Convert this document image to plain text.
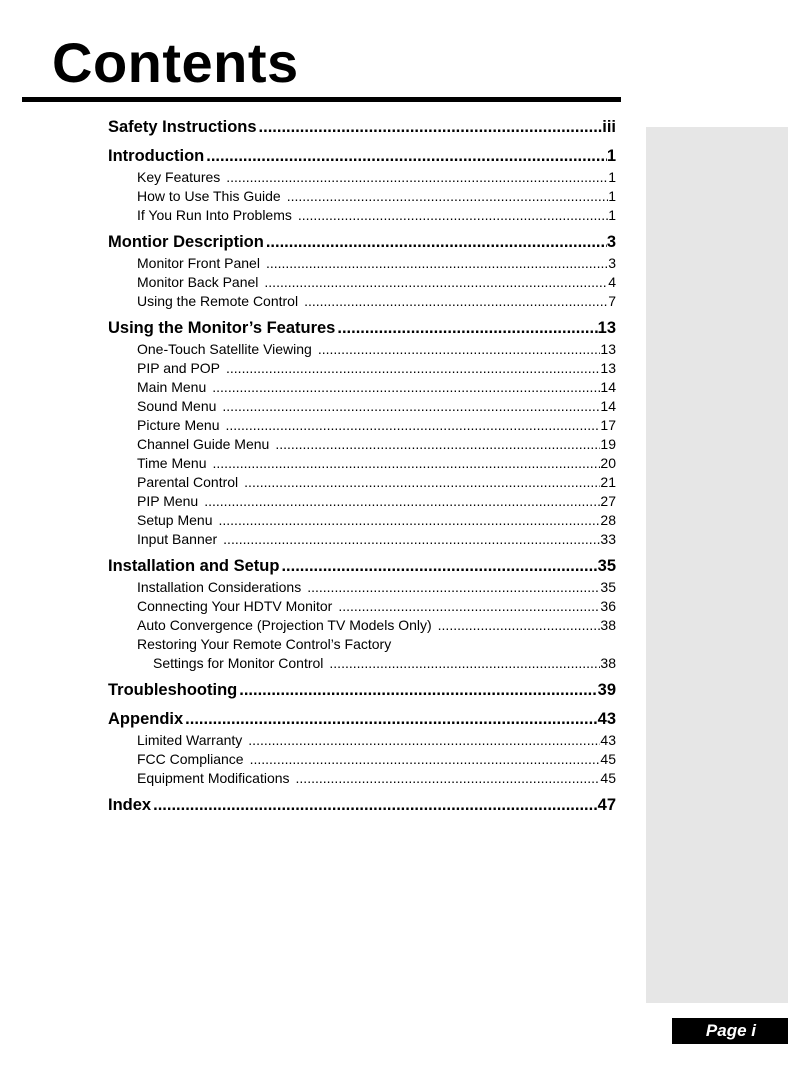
Contents
Page i
Safety Instructions .....	iii
Introduction .....	1
Key Features .....	1
How to Use This Guide .....	1
If You Run Into Problems .....	1
Montior Description .....	3
Monitor Front Panel .....	3
Monitor Back Panel .....	4
Using the Remote Control .....	7
Using the Monitor’s Features .....	13
One-Touch Satellite Viewing .....	13
PIP and POP .....	13
Main Menu .....	14
Sound Menu .....	14
Picture Menu .....	17
Channel Guide Menu .....	19
Time Menu .....	20
Parental Control .....	21
PIP Menu .....	27
Setup Menu .....	28
Input Banner .....	33
Installation and Setup .....	35
Installation Considerations .....	35
Connecting Your HDTV Monitor .....	36
Auto Convergence (Projection TV Models Only) .....	38
Restoring Your Remote Control’s Factory
Settings for Monitor Control .....	38
Troubleshooting .....	39
Appendix .....	43
Limited Warranty .....	43
FCC Compliance .....	45
Equipment Modifications .....	45
Index .....	47
